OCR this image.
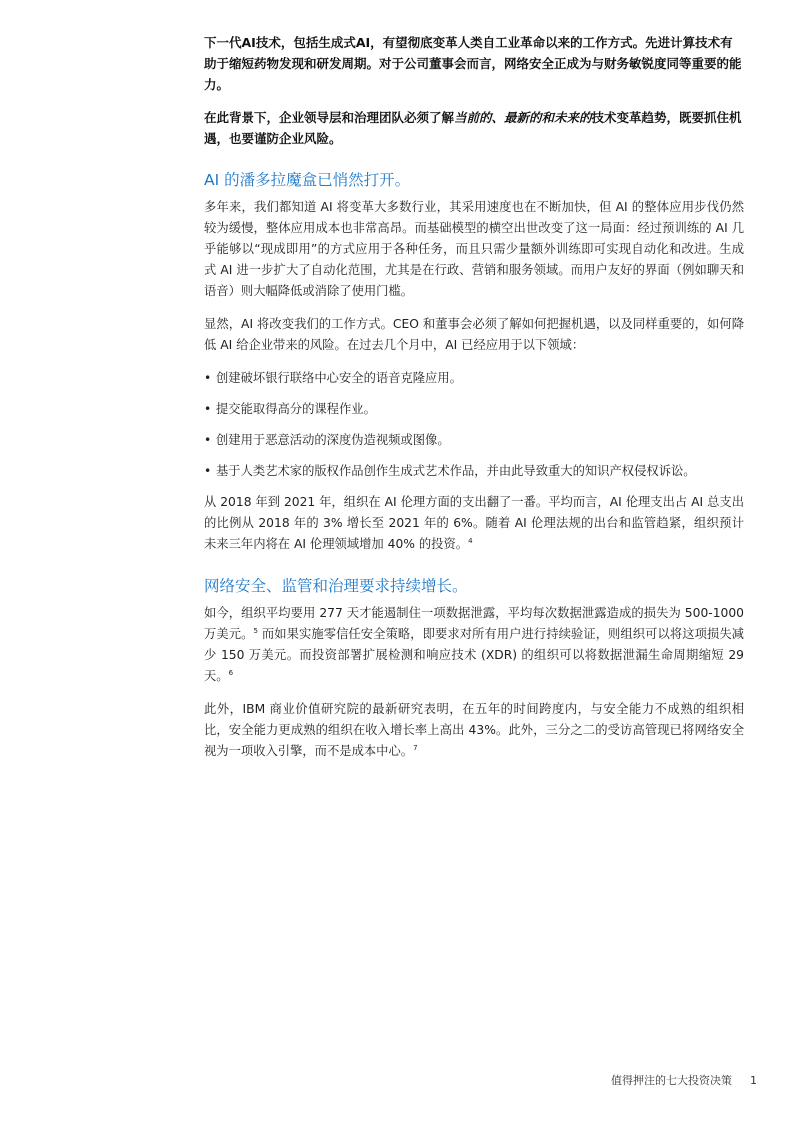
下一代AI技术，包括生成式AI，有望彻底变革人类自工业革命以来的工作方式。先进计算技术有助于缩短药物发现和研发周期。对于公司董事会而言，网络安全正成为与财务敏锐度同等重要的能力。

在此背景下，企业领导层和治理团队必须了解当前的、最新的和未来的技术变革趋势，既要抓住机遇，也要谨防企业风险。

AI 的潘多拉魔盒已悄然打开。

多年来，我们都知道 AI 将变革大多数行业，其采用速度也在不断加快，但 AI 的整体应用步伐仍然较为缓慢，整体应用成本也非常高昂。而基础模型的横空出世改变了这一局面：经过预训练的 AI 几乎能够以“现成即用”的方式应用于各种任务，而且只需少量额外训练即可实现自动化和改进。生成式 AI 进一步扩大了自动化范围，尤其是在行政、营销和服务领域。而用户友好的界面（例如聊天和语音）则大幅降低或消除了使用门槛。

显然，AI 将改变我们的工作方式。CEO 和董事会必须了解如何把握机遇，以及同样重要的，如何降低 AI 给企业带来的风险。在过去几个月中，AI 已经应用于以下领域：

• 创建破坏银行联络中心安全的语音克隆应用。
• 提交能取得高分的课程作业。
• 创建用于恶意活动的深度伪造视频或图像。
• 基于人类艺术家的版权作品创作生成式艺术作品，并由此导致重大的知识产权侵权诉讼。

从 2018 年到 2021 年，组织在 AI 伦理方面的支出翻了一番。平均而言，AI 伦理支出占 AI 总支出的比例从 2018 年的 3% 增长至 2021 年的 6%。随着 AI 伦理法规的出台和监管趋紧，组织预计未来三年内将在 AI 伦理领域增加 40% 的投资。$^4$

网络安全、监管和治理要求持续增长。

如今，组织平均要用 277 天才能遏制住一项数据泄露，平均每次数据泄露造成的损失为 500-1000 万美元。$^5$ 而如果实施零信任安全策略，即要求对所有用户进行持续验证，则组织可以将这项损失减少 150 万美元。而投资部署扩展检测和响应技术 (XDR) 的组织可以将数据泄漏生命周期缩短 29 天。$^6$

此外，IBM 商业价值研究院的最新研究表明，在五年的时间跨度内，与安全能力不成熟的组织相比，安全能力更成熟的组织在收入增长率上高出 43%。此外，三分之二的受访高管现已将网络安全视为一项收入引擎，而不是成本中心。$^7$

值得押注的七大投资决策 1
